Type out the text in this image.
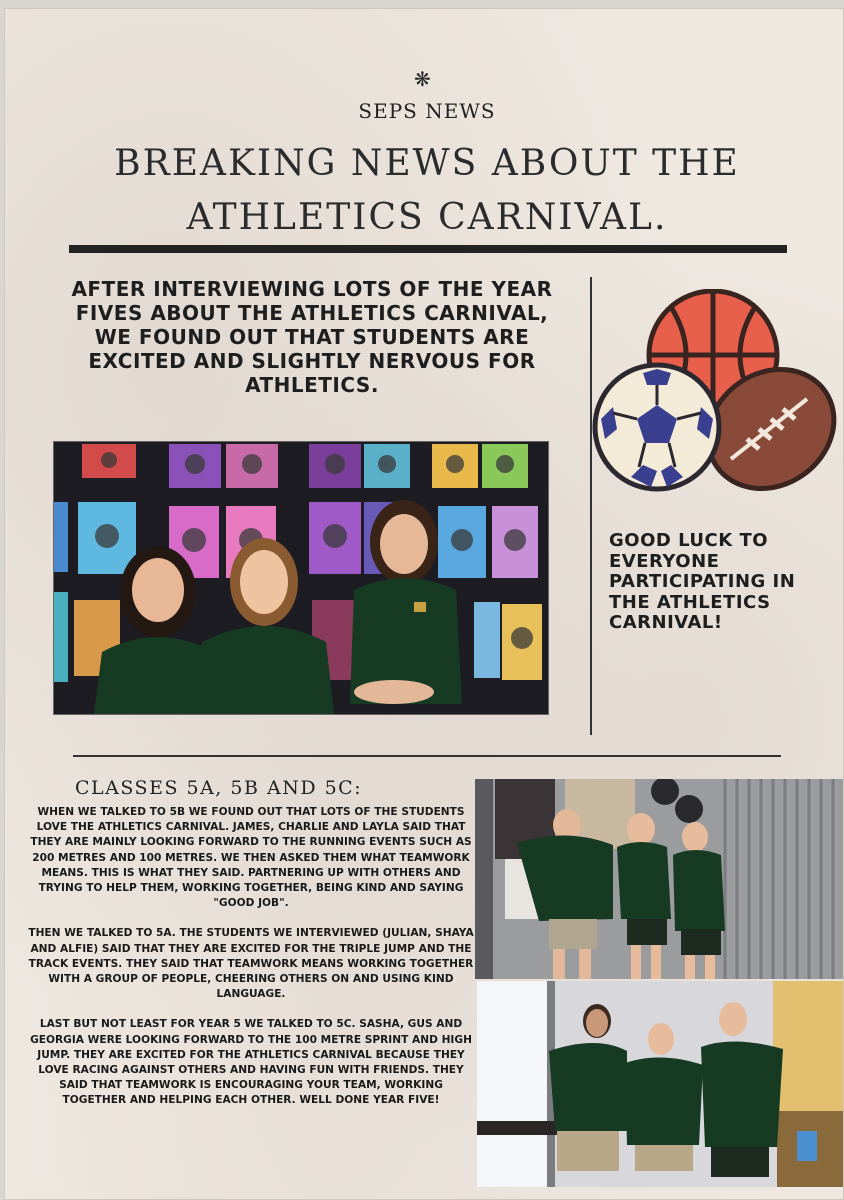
❋
SEPS NEWS
BREAKING NEWS ABOUT THE ATHLETICS CARNIVAL.
AFTER INTERVIEWING LOTS OF THE YEAR FIVES ABOUT THE ATHLETICS CARNIVAL, WE FOUND OUT THAT STUDENTS ARE EXCITED AND SLIGHTLY NERVOUS FOR ATHLETICS.
GOOD LUCK TO EVERYONE PARTICIPATING IN THE ATHLETICS CARNIVAL!
CLASSES 5A, 5B AND 5C:

WHEN WE TALKED TO 5B WE FOUND OUT THAT LOTS OF THE STUDENTS LOVE THE ATHLETICS CARNIVAL. JAMES, CHARLIE AND LAYLA SAID THAT THEY ARE MAINLY LOOKING FORWARD TO THE RUNNING EVENTS SUCH AS 200 METRES AND 100 METRES. WE THEN ASKED THEM WHAT TEAMWORK MEANS. THIS IS WHAT THEY SAID. PARTNERING UP WITH OTHERS AND TRYING TO HELP THEM, WORKING TOGETHER, BEING KIND AND SAYING "GOOD JOB".

THEN WE TALKED TO 5A. THE STUDENTS WE INTERVIEWED (JULIAN, SHAYA AND ALFIE) SAID THAT THEY ARE EXCITED FOR THE TRIPLE JUMP AND THE TRACK EVENTS. THEY SAID THAT TEAMWORK MEANS WORKING TOGETHER WITH A GROUP OF PEOPLE, CHEERING OTHERS ON AND USING KIND LANGUAGE.

LAST BUT NOT LEAST FOR YEAR 5 WE TALKED TO 5C. SASHA, GUS AND GEORGIA WERE LOOKING FORWARD TO THE 100 METRE SPRINT AND HIGH JUMP. THEY ARE EXCITED FOR THE ATHLETICS CARNIVAL BECAUSE THEY LOVE RACING AGAINST OTHERS AND HAVING FUN WITH FRIENDS. THEY SAID THAT TEAMWORK IS ENCOURAGING YOUR TEAM, WORKING TOGETHER AND HELPING EACH OTHER. WELL DONE YEAR FIVE!
